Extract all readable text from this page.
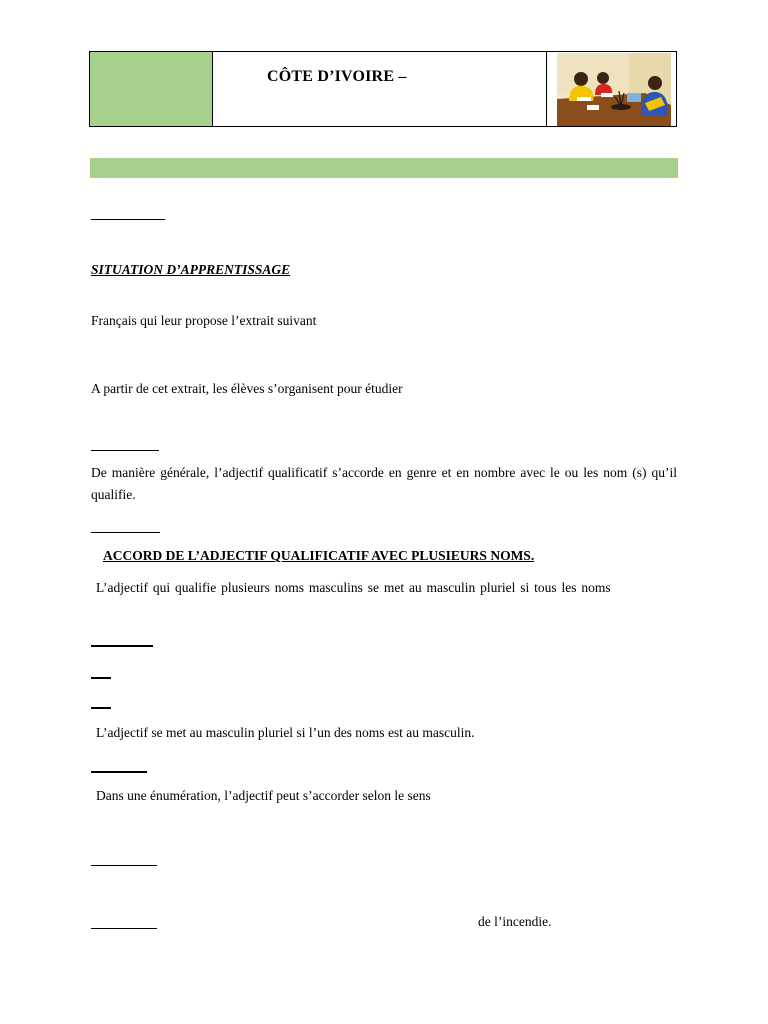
CÔTE D’IVOIRE –
SITUATION D’APPRENTISSAGE
Français qui leur propose l’extrait suivant
A partir de cet extrait, les élèves s’organisent pour étudier
De manière générale, l’adjectif qualificatif s’accorde en genre et en nombre avec le ou les nom (s) qu’il qualifie.
ACCORD DE L’ADJECTIF QUALIFICATIF AVEC PLUSIEURS NOMS.
L’adjectif qui qualifie plusieurs noms masculins se met au masculin pluriel si tous les noms
L’adjectif se met au masculin pluriel si l’un des noms est au masculin.
Dans une énumération, l’adjectif peut s’accorder selon le sens
de l’incendie.
